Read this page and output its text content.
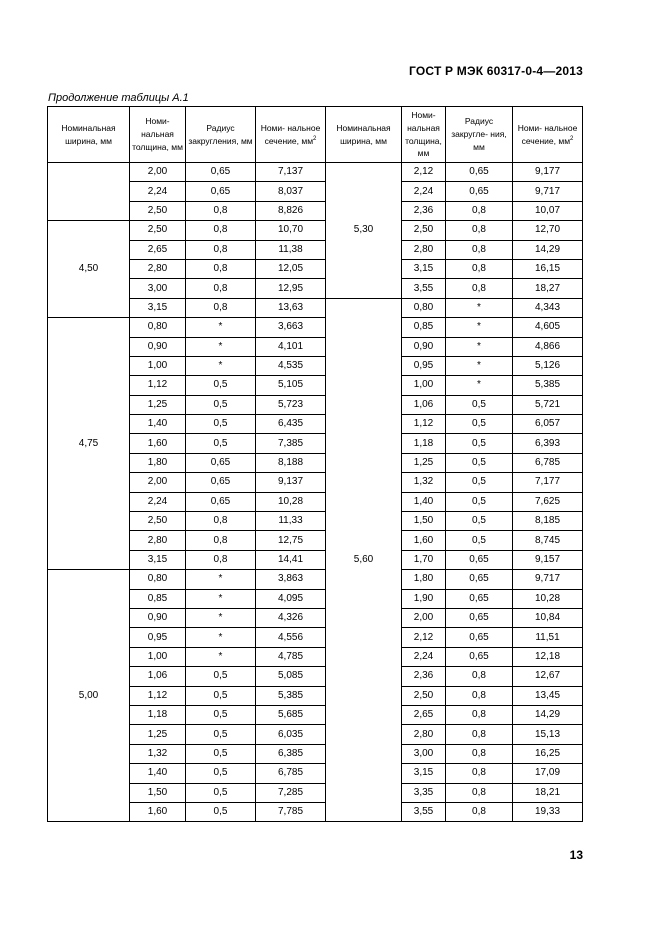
ГОСТ Р МЭК 60317-0-4—2013
Продолжение таблицы А.1
Номинальная ширина, мм	Номи- нальная толщина, мм	Радиус закругления, мм	Номи- нальное сечение, $мм^2$	Номинальная ширина, мм	Номи- нальная толщина, мм	Радиус закругле- ния, мм	Номи- нальное сечение, $мм^2$
	2,00	0,65	7,137	5,30	2,12	0,65	9,177
	2,24	0,65	8,037		2,24	0,65	9,717
	2,50	0,8	8,826		2,36	0,8	10,07
4,50	2,50	0,8	10,70		2,50	0,8	12,70
	2,65	0,8	11,38		2,80	0,8	14,29
	2,80	0,8	12,05		3,15	0,8	16,15
	3,00	0,8	12,95		3,55	0,8	18,27
	3,15	0,8	13,63	5,60	0,80	*	4,343
4,75	0,80	*	3,663		0,85	*	4,605
	0,90	*	4,101		0,90	*	4,866
	1,00	*	4,535		0,95	*	5,126
	1,12	0,5	5,105		1,00	*	5,385
	1,25	0,5	5,723		1,06	0,5	5,721
	1,40	0,5	6,435		1,12	0,5	6,057
	1,60	0,5	7,385		1,18	0,5	6,393
	1,80	0,65	8,188		1,25	0,5	6,785
	2,00	0,65	9,137		1,32	0,5	7,177
	2,24	0,65	10,28		1,40	0,5	7,625
	2,50	0,8	11,33		1,50	0,5	8,185
	2,80	0,8	12,75		1,60	0,5	8,745
	3,15	0,8	14,41		1,70	0,65	9,157
5,00	0,80	*	3,863		1,80	0,65	9,717
	0,85	*	4,095		1,90	0,65	10,28
	0,90	*	4,326		2,00	0,65	10,84
	0,95	*	4,556		2,12	0,65	11,51
	1,00	*	4,785		2,24	0,65	12,18
	1,06	0,5	5,085		2,36	0,8	12,67
	1,12	0,5	5,385		2,50	0,8	13,45
	1,18	0,5	5,685		2,65	0,8	14,29
	1,25	0,5	6,035		2,80	0,8	15,13
	1,32	0,5	6,385		3,00	0,8	16,25
	1,40	0,5	6,785		3,15	0,8	17,09
	1,50	0,5	7,285		3,35	0,8	18,21
	1,60	0,5	7,785		3,55	0,8	19,33
13
